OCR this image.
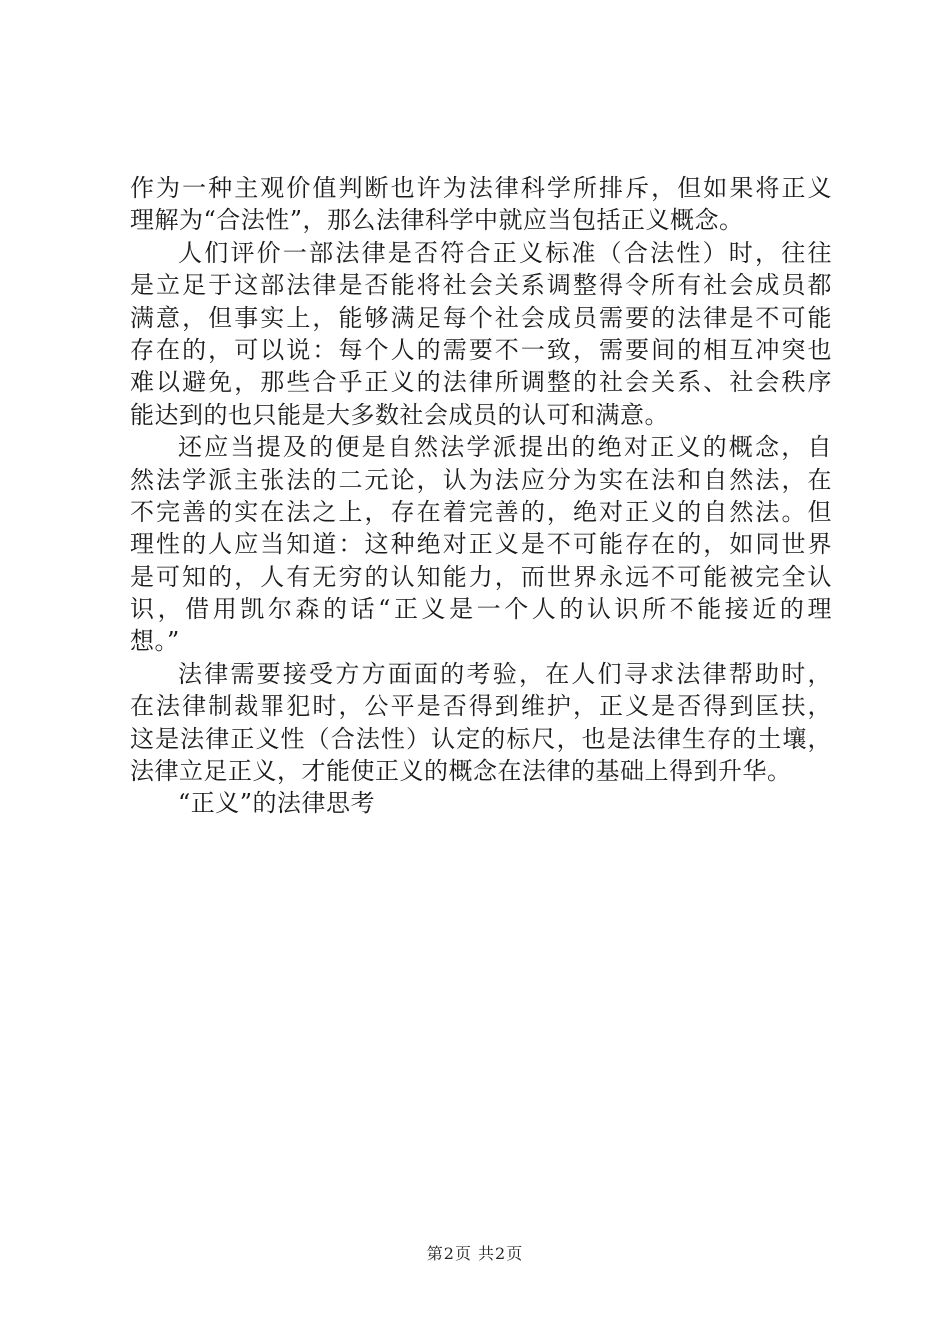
作为一种主观价值判断也许为法律科学所排斥，但如果将正义
理解为“合法性”，那么法律科学中就应当包括正义概念。
人们评价一部法律是否符合正义标准（合法性）时，往往
是立足于这部法律是否能将社会关系调整得令所有社会成员都
满意，但事实上，能够满足每个社会成员需要的法律是不可能
存在的，可以说：每个人的需要不一致，需要间的相互冲突也
难以避免，那些合乎正义的法律所调整的社会关系、社会秩序
能达到的也只能是大多数社会成员的认可和满意。
还应当提及的便是自然法学派提出的绝对正义的概念，自
然法学派主张法的二元论，认为法应分为实在法和自然法，在
不完善的实在法之上，存在着完善的，绝对正义的自然法。但
理性的人应当知道：这种绝对正义是不可能存在的，如同世界
是可知的，人有无穷的认知能力，而世界永远不可能被完全认
识，借用凯尔森的话“正义是一个人的认识所不能接近的理
想。”
法律需要接受方方面面的考验，在人们寻求法律帮助时，
在法律制裁罪犯时，公平是否得到维护，正义是否得到匡扶，
这是法律正义性（合法性）认定的标尺，也是法律生存的土壤，
法律立足正义，才能使正义的概念在法律的基础上得到升华。
“正义”的法律思考
第2页 共2页
